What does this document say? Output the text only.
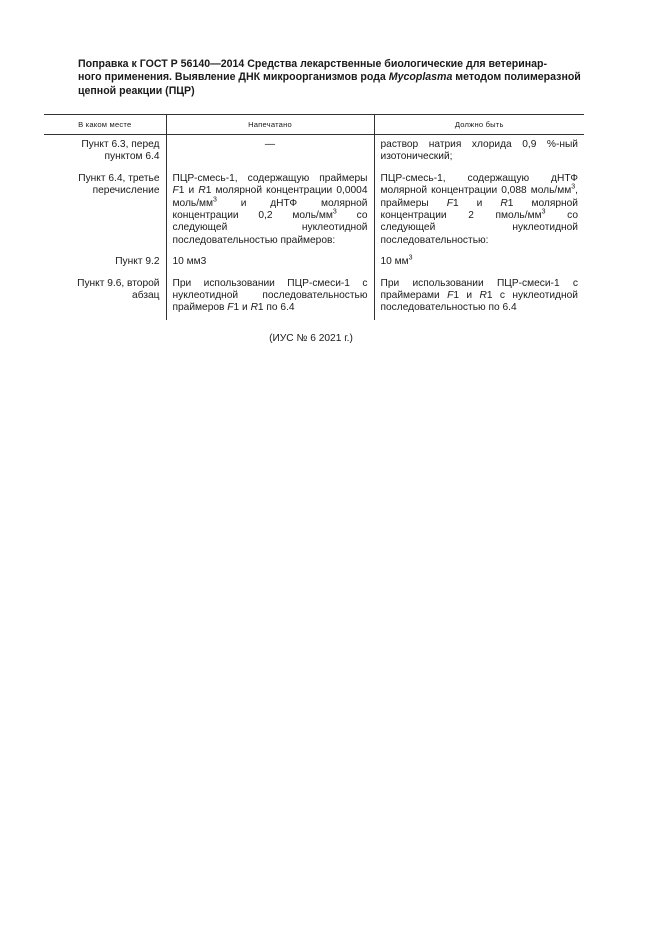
Поправка к ГОСТ Р 56140—2014 Средства лекарственные биологические для ветеринар-
ного применения. Выявление ДНК микроорганизмов рода Mycoplasma методом полимеразной
цепной реакции (ПЦР)
В каком месте	Напечатано	Должно быть
Пункт 6.3, перед пунктом 6.4	—	раствор натрия хлорида 0,9 %-ный изотонический;
Пункт 6.4, третье перечисление	ПЦР-смесь-1, содержащую праймеры F1 и R1 молярной концентрации 0,0004 моль/$мм^3$ и дНТФ молярной концентрации 0,2 моль/$мм^3$ со следующей нуклеотидной последовательностью праймеров:	ПЦР-смесь-1, содержащую дНТФ молярной концентрации 0,088 моль/$мм^3$, праймеры F1 и R1 молярной концентрации 2 пмоль/$мм^3$ со следующей нуклеотидной последовательностью:
Пункт 9.2	10 мм3	10 $мм^3$
Пункт 9.6, второй абзац	При использовании ПЦР-смеси-1 с нуклеотидной последовательностью праймеров F1 и R1 по 6.4	При использовании ПЦР-смеси-1 с праймерами F1 и R1 с нуклеотидной последовательностью по 6.4
(ИУС № 6 2021 г.)
